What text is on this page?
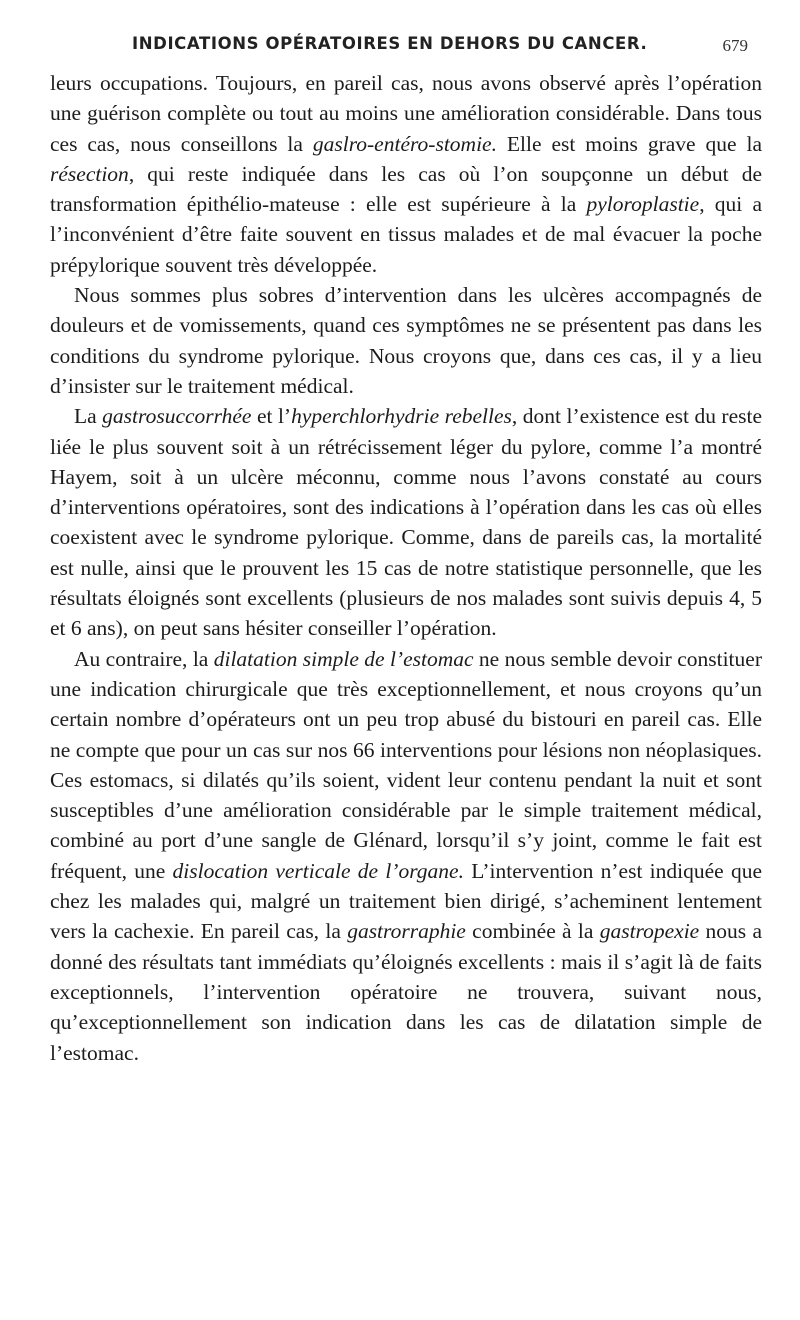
INDICATIONS OPÉRATOIRES EN DEHORS DU CANCER.	679

leurs occupations. Toujours, en pareil cas, nous avons observé après l’opération une guérison complète ou tout au moins une amélioration considérable. Dans tous ces cas, nous conseillons la gaslro-entéro-stomie. Elle est moins grave que la résection, qui reste indiquée dans les cas où l’on soupçonne un début de transformation épithélio-mateuse : elle est supérieure à la pyloroplastie, qui a l’inconvénient d’être faite souvent en tissus malades et de mal évacuer la poche prépylorique souvent très développée.

Nous sommes plus sobres d’intervention dans les ulcères accompagnés de douleurs et de vomissements, quand ces symptômes ne se présentent pas dans les conditions du syndrome pylorique. Nous croyons que, dans ces cas, il y a lieu d’insister sur le traitement médical.

La gastrosuccorrhée et l’hyperchlorhydrie rebelles, dont l’existence est du reste liée le plus souvent soit à un rétrécissement léger du pylore, comme l’a montré Hayem, soit à un ulcère méconnu, comme nous l’avons constaté au cours d’interventions opératoires, sont des indications à l’opération dans les cas où elles coexistent avec le syndrome pylorique. Comme, dans de pareils cas, la mortalité est nulle, ainsi que le prouvent les 15 cas de notre statistique personnelle, que les résultats éloignés sont excellents (plusieurs de nos malades sont suivis depuis 4, 5 et 6 ans), on peut sans hésiter conseiller l’opération.

Au contraire, la dilatation simple de l’estomac ne nous semble devoir constituer une indication chirurgicale que très exceptionnellement, et nous croyons qu’un certain nombre d’opérateurs ont un peu trop abusé du bistouri en pareil cas. Elle ne compte que pour un cas sur nos 66 interventions pour lésions non néoplasiques. Ces estomacs, si dilatés qu’ils soient, vident leur contenu pendant la nuit et sont susceptibles d’une amélioration considérable par le simple traitement médical, combiné au port d’une sangle de Glénard, lorsqu’il s’y joint, comme le fait est fréquent, une dislocation verticale de l’organe. L’intervention n’est indiquée que chez les malades qui, malgré un traitement bien dirigé, s’acheminent lentement vers la cachexie. En pareil cas, la gastrorraphie combinée à la gastropexie nous a donné des résultats tant immédiats qu’éloignés excellents : mais il s’agit là de faits exceptionnels, l’intervention opératoire ne trouvera, suivant nous, qu’exceptionnellement son indication dans les cas de dilatation simple de l’estomac.
